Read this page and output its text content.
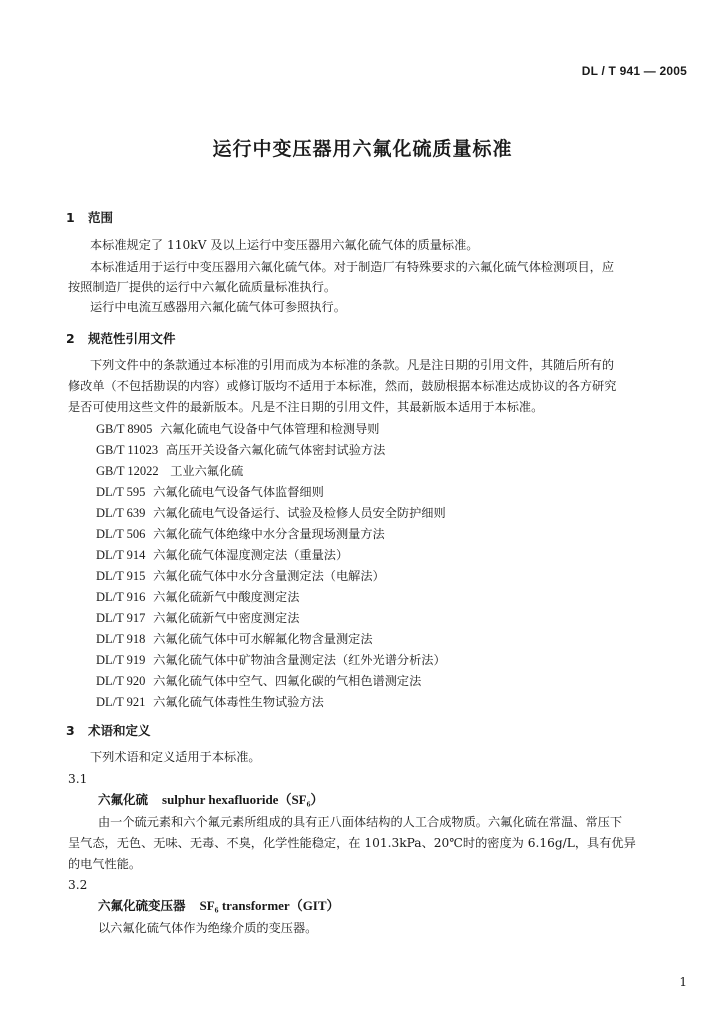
DL / T 941 — 2005
运行中变压器用六氟化硫质量标准
1 范围
本标准规定了 110kV 及以上运行中变压器用六氟化硫气体的质量标准。
本标准适用于运行中变压器用六氟化硫气体。对于制造厂有特殊要求的六氟化硫气体检测项目，应
按照制造厂提供的运行中六氟化硫质量标准执行。
运行中电流互感器用六氟化硫气体可参照执行。
2 规范性引用文件
下列文件中的条款通过本标准的引用而成为本标准的条款。凡是注日期的引用文件，其随后所有的
修改单（不包括勘误的内容）或修订版均不适用于本标准，然而，鼓励根据本标准达成协议的各方研究
是否可使用这些文件的最新版本。凡是不注日期的引用文件，其最新版本适用于本标准。
GB/T 8905 六氟化硫电气设备中气体管理和检测导则
GB/T 11023 高压开关设备六氟化硫气体密封试验方法
GB/T 12022 工业六氟化硫
DL/T 595 六氟化硫电气设备气体监督细则
DL/T 639 六氟化硫电气设备运行、试验及检修人员安全防护细则
DL/T 506 六氟化硫气体绝缘中水分含量现场测量方法
DL/T 914 六氟化硫气体湿度测定法（重量法）
DL/T 915 六氟化硫气体中水分含量测定法（电解法）
DL/T 916 六氟化硫新气中酸度测定法
DL/T 917 六氟化硫新气中密度测定法
DL/T 918 六氟化硫气体中可水解氟化物含量测定法
DL/T 919 六氟化硫气体中矿物油含量测定法（红外光谱分析法）
DL/T 920 六氟化硫气体中空气、四氟化碳的气相色谱测定法
DL/T 921 六氟化硫气体毒性生物试验方法
3 术语和定义
下列术语和定义适用于本标准。
3.1
六氟化硫 sulphur hexafluoride（SF₆）
由一个硫元素和六个氟元素所组成的具有正八面体结构的人工合成物质。六氟化硫在常温、常压下
呈气态，无色、无味、无毒、不臭，化学性能稳定，在 101.3kPa、20℃时的密度为 6.16g/L，具有优异
的电气性能。
3.2
六氟化硫变压器 SF₆ transformer（GIT）
以六氟化硫气体作为绝缘介质的变压器。
1
